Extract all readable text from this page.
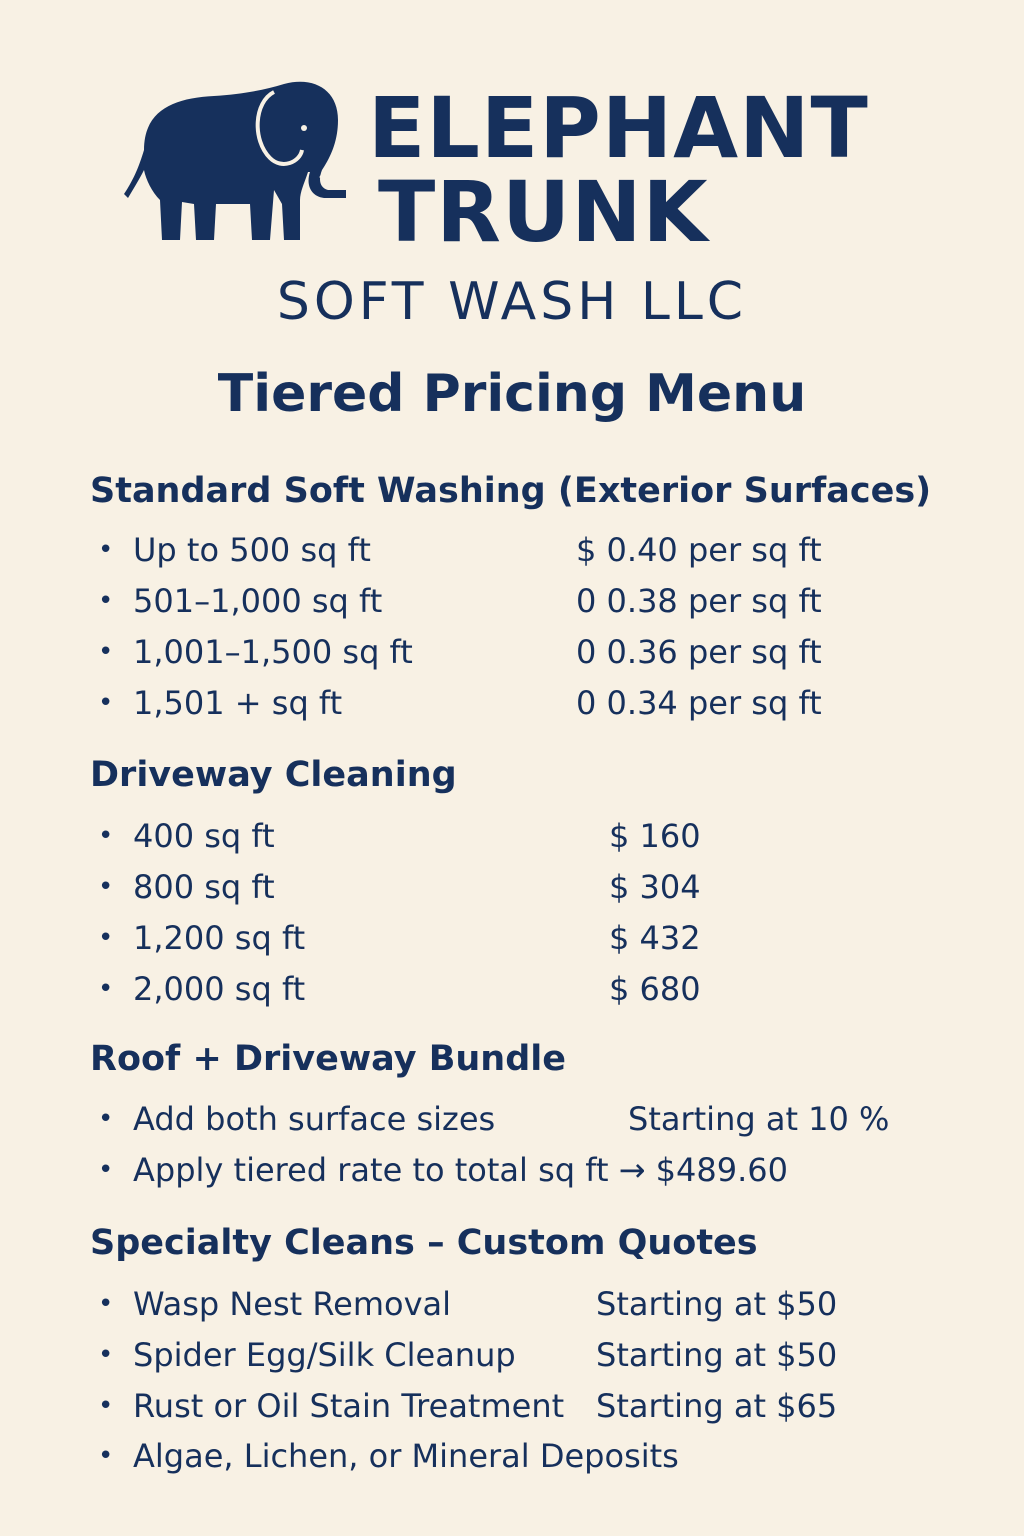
ELEPHANT
TRUNK
SOFT WASH LLC
Tiered Pricing Menu
Standard Soft Washing (Exterior Surfaces)
• Up to 500 sq ft	$ 0.40 per sq ft
• 501–1,000 sq ft	0 0.38 per sq ft
• 1,001–1,500 sq ft	0 0.36 per sq ft
• 1,501 + sq ft	0 0.34 per sq ft
Driveway Cleaning
• 400 sq ft	$ 160
• 800 sq ft	$ 304
• 1,200 sq ft	$ 432
• 2,000 sq ft	$ 680
Roof + Driveway Bundle
• Add both surface sizes	Starting at 10 %
• Apply tiered rate to total sq ft → $489.60
Specialty Cleans – Custom Quotes
• Wasp Nest Removal	Starting at $50
• Spider Egg/Silk Cleanup	Starting at $50
• Rust or Oil Stain Treatment Starting at $65
• Algae, Lichen, or Mineral Deposits
